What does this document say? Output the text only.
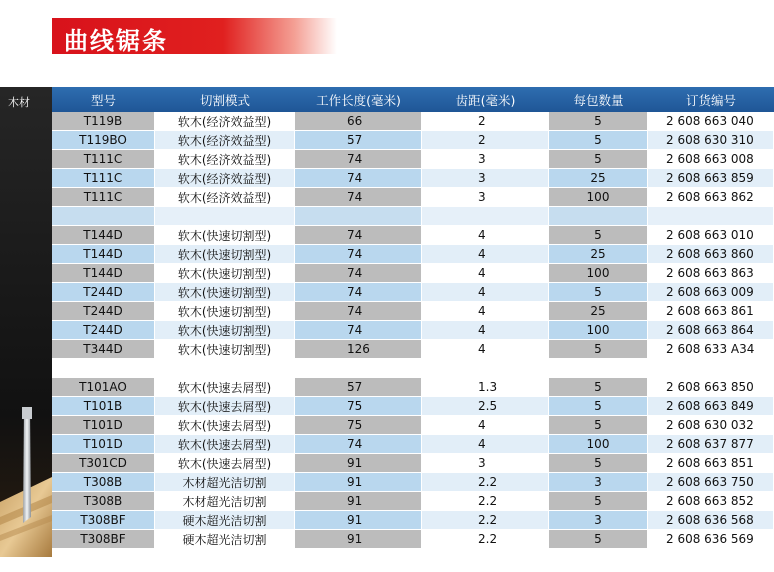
曲线锯条
木材	型号	切割模式	工作长度(毫米)	齿距(毫米)	每包数量	订货编号
T119B	软木(经济效益型)	66	2	5	2 608 663 040
T119BO	软木(经济效益型)	57	2	5	2 608 630 310
T111C	软木(经济效益型)	74	3	5	2 608 663 008
T111C	软木(经济效益型)	74	3	25	2 608 663 859
T111C	软木(经济效益型)	74	3	100	2 608 663 862

T144D	软木(快速切割型)	74	4	5	2 608 663 010
T144D	软木(快速切割型)	74	4	25	2 608 663 860
T144D	软木(快速切割型)	74	4	100	2 608 663 863
T244D	软木(快速切割型)	74	4	5	2 608 663 009
T244D	软木(快速切割型)	74	4	25	2 608 663 861
T244D	软木(快速切割型)	74	4	100	2 608 663 864
T344D	软木(快速切割型)	126	4	5	2 608 633 A34

T101AO	软木(快速去屑型)	57	1.3	5	2 608 663 850
T101B	软木(快速去屑型)	75	2.5	5	2 608 663 849
T101D	软木(快速去屑型)	75	4	5	2 608 630 032
T101D	软木(快速去屑型)	74	4	100	2 608 637 877
T301CD	软木(快速去屑型)	91	3	5	2 608 663 851
T308B	木材超光洁切割	91	2.2	3	2 608 663 750
T308B	木材超光洁切割	91	2.2	5	2 608 663 852
T308BF	硬木超光洁切割	91	2.2	3	2 608 636 568
T308BF	硬木超光洁切割	91	2.2	5	2 608 636 569
